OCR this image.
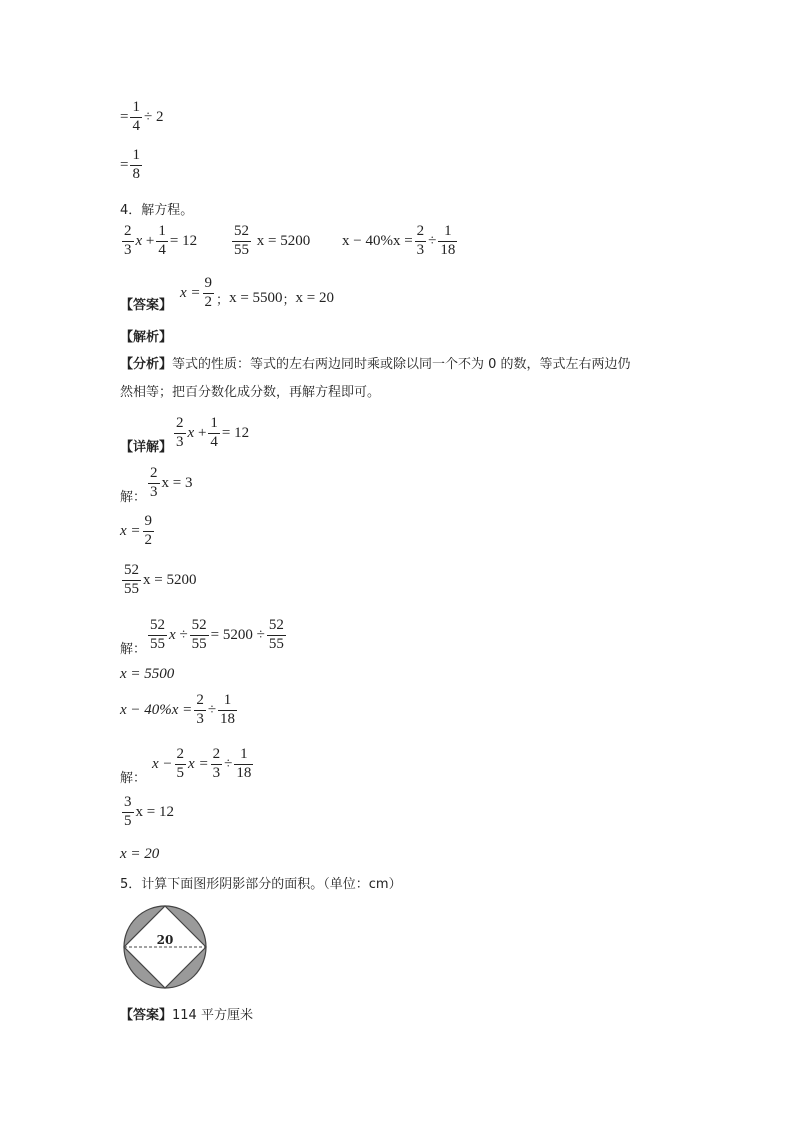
= $\frac{1}{4} \div 2$
= $\frac{1}{8}$
4．解方程。
$\frac{2}{3}$ x
+ $\frac{1}{4} = 12 \frac{52}{55}$
x = 5200 $x - 40\%x = \frac{2}{3} \div \frac{1}{18}$
【答案】
$x = \frac{9}{2}$ ； x = 5500 ； x = 20
【解析】
【分析】等式的性质：等式的左右两边同时乘或除以同一个不为 0 的数，等式左右两边仍
然相等；把百分数化成分数，再解方程即可。
【详解】 $\frac{2}{3}$ x
+ $\frac{1}{4} = 12$
解： $\frac{2}{3}$ x = 3
$x = \frac{9}{2}$
$\frac{52}{55}$ x = 5200
解： $\frac{52}{55}$ x
÷ $\frac{52}{55} = 5200 \div \frac{52}{55}$
x = 5500
$x - 40\%x = \frac{2}{3} \div \frac{1}{18}$
解：
$x - \frac{2}{5}$ $x = \frac{2}{3} \div \frac{1}{18}$
$\frac{3}{5}$ x = 12
x = 20
5．计算下面图形阴影部分的面积。（单位：cm）
20
【答案】114 平方厘米
